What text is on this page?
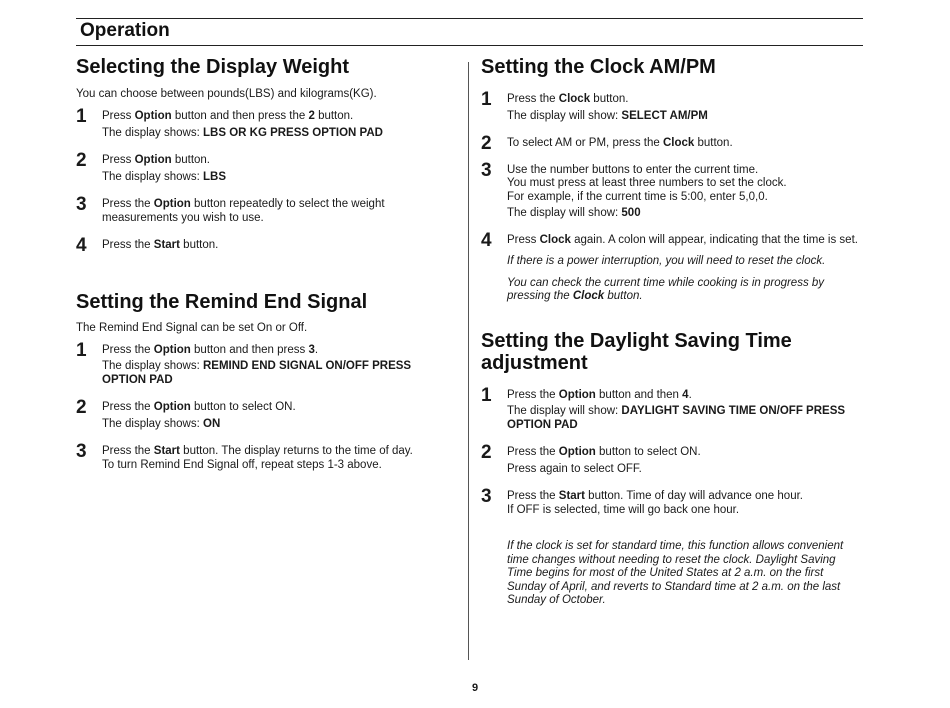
Operation
Selecting the Display Weight
You can choose between pounds(LBS) and kilograms(KG).
1 Press Option button and then press the 2 button.
The display shows: LBS OR KG PRESS OPTION PAD
2 Press Option button.
The display shows: LBS
3 Press the Option button repeatedly to select the weight measurements you wish to use.
4 Press the Start button.
Setting the Remind End Signal
The Remind End Signal can be set On or Off.
1 Press the Option button and then press 3.
The display shows: REMIND END SIGNAL ON/OFF PRESS OPTION PAD
2 Press the Option button to select ON.
The display shows: ON
3 Press the Start button. The display returns to the time of day.
To turn Remind End Signal off, repeat steps 1-3 above.
Setting the Clock AM/PM
1 Press the Clock button.
The display will show: SELECT AM/PM
2 To select AM or PM, press the Clock button.
3 Use the number buttons to enter the current time.
You must press at least three numbers to set the clock.
For example, if the current time is 5:00, enter 5,0,0.
The display will show: 500
4 Press Clock again. A colon will appear, indicating that the time is set.
If there is a power interruption, you will need to reset the clock.
You can check the current time while cooking is in progress by pressing the Clock button.
Setting the Daylight Saving Time adjustment
1 Press the Option button and then 4.
The display will show: DAYLIGHT SAVING TIME ON/OFF PRESS OPTION PAD
2 Press the Option button to select ON.
Press again to select OFF.
3 Press the Start button. Time of day will advance one hour.
If OFF is selected, time will go back one hour.
If the clock is set for standard time, this function allows convenient time changes without needing to reset the clock. Daylight Saving Time begins for most of the United States at 2 a.m. on the first Sunday of April, and reverts to Standard time at 2 a.m. on the last Sunday of October.
9
